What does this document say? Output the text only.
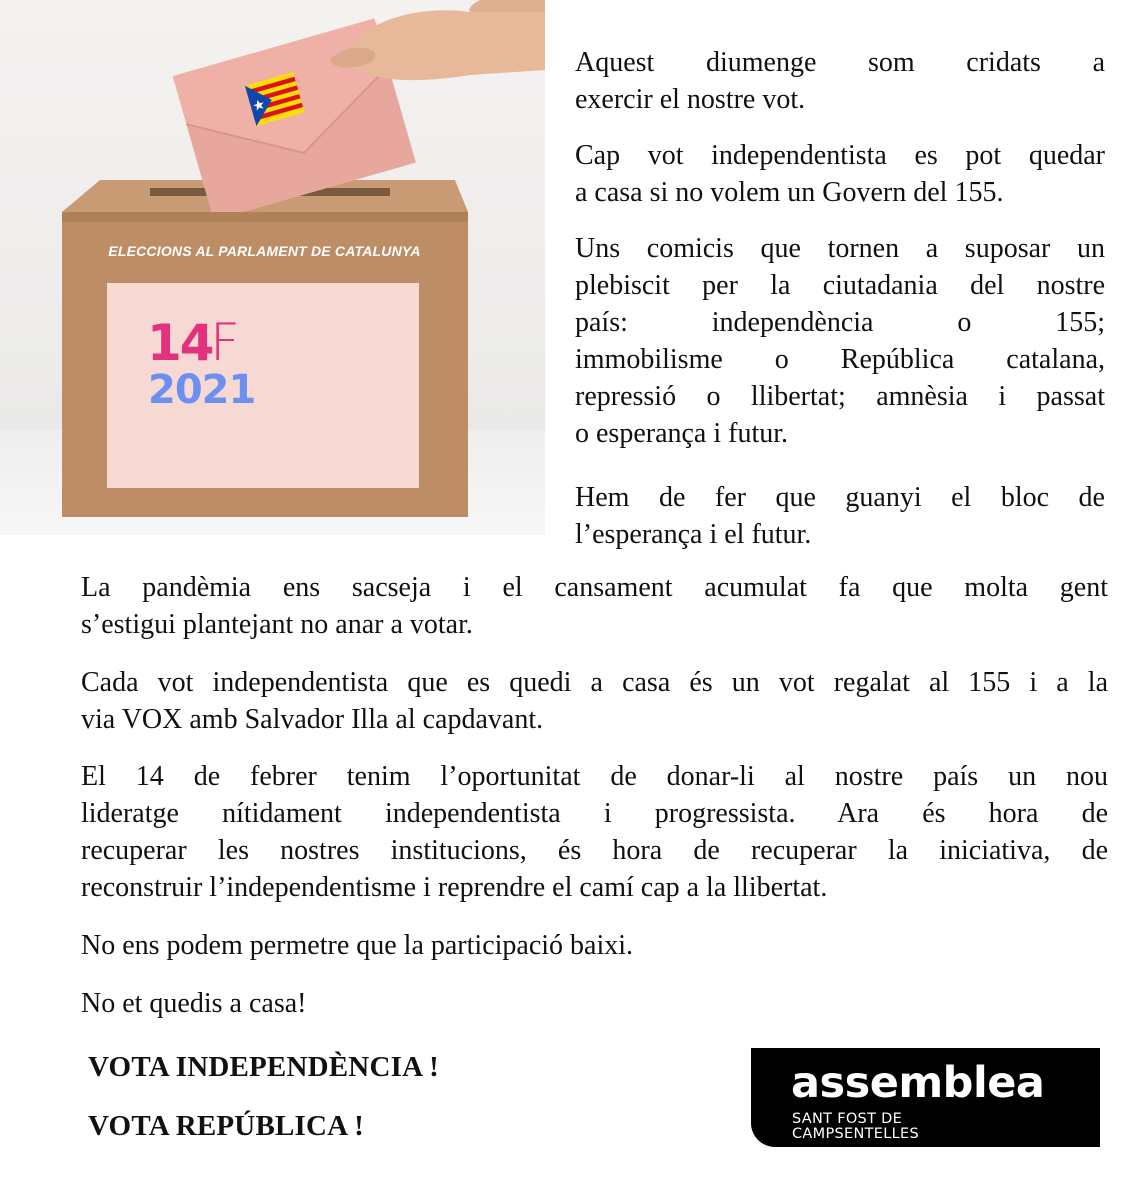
ELECCIONS AL PARLAMENT DE CATALUNYA
14
F
2021

Aquest diumenge som cridats a
exercir el nostre vot.

Cap vot independentista es pot quedar
a casa si no volem un Govern del 155.

Uns comicis que tornen a suposar un
plebiscit per la ciutadania del nostre
país: independència o 155;
immobilisme o República catalana,
repressió o llibertat; amnèsia i passat
o esperança i futur.

Hem de fer que guanyi el bloc de
l’esperança i el futur.

La pandèmia ens sacseja i el cansament acumulat fa que molta gent
s’estigui plantejant no anar a votar.

Cada vot independentista que es quedi a casa és un vot regalat al 155 i a la
via VOX amb Salvador Illa al capdavant.

El 14 de febrer tenim l’oportunitat de donar-li al nostre país un nou
lideratge nítidament independentista i progressista. Ara és hora de
recuperar les nostres institucions, és hora de recuperar la iniciativa, de
reconstruir l’independentisme i reprendre el camí cap a la llibertat.

No ens podem permetre que la participació baixi.

No et quedis a casa!

VOTA INDEPENDÈNCIA !

VOTA REPÚBLICA !

assemblea
SANT FOST DE
CAMPSENTELLES
